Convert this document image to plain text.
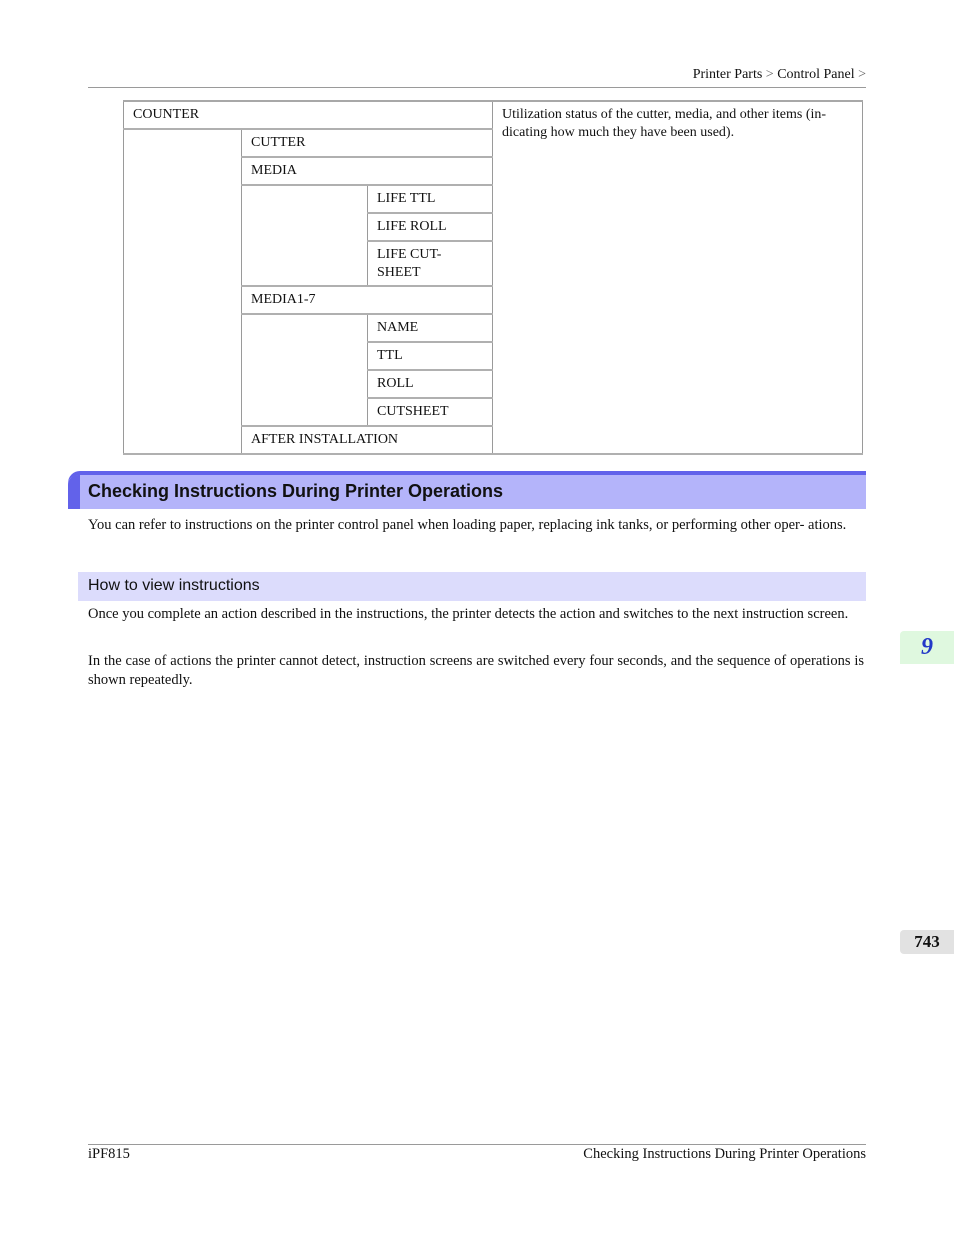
Printer Parts > Control Panel >
COUNTER			Utilization status of the cutter, media, and other items (in- dicating how much they have been used).
	CUTTER		
	MEDIA		
		LIFE TTL	
		LIFE ROLL	
		LIFE CUT- SHEET	
	MEDIA1-7		
		NAME	
		TTL	
		ROLL	
		CUTSHEET	
	AFTER INSTALLATION		
Checking Instructions During Printer Operations
You can refer to instructions on the printer control panel when loading paper, replacing ink tanks, or performing other oper- ations.
How to view instructions
Once you complete an action described in the instructions, the printer detects the action and switches to the next instruction screen.
In the case of actions the printer cannot detect, instruction screens are switched every four seconds, and the sequence of operations is shown repeatedly.
9
743
iPF815	Checking Instructions During Printer Operations
